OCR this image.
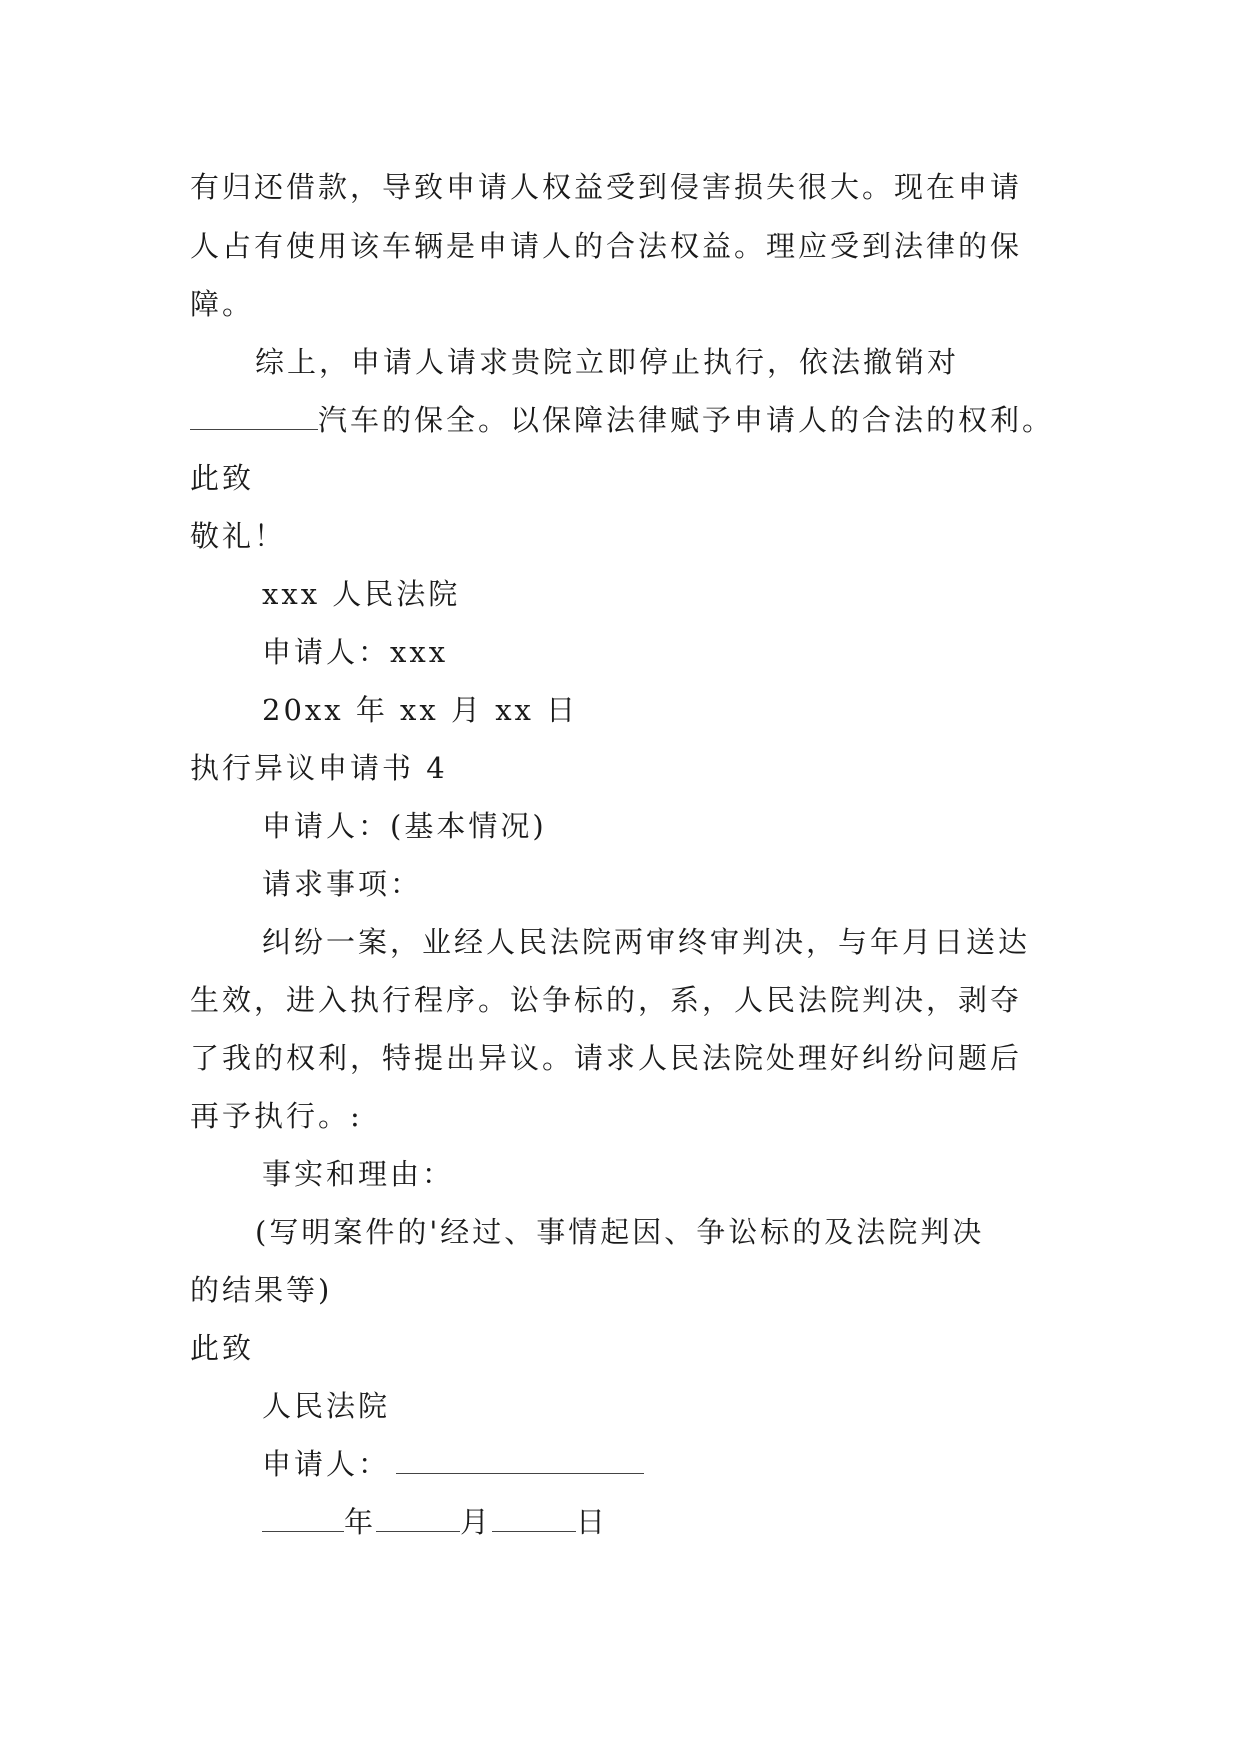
有归还借款，导致申请人权益受到侵害损失很大。现在申请
人占有使用该车辆是申请人的合法权益。理应受到法律的保
障。
综上，申请人请求贵院立即停止执行，依法撤销对
汽车的保全。以保障法律赋予申请人的合法的权利。
此致
敬礼！
xxx 人民法院
申请人：xxx
20xx 年 xx 月 xx 日
执行异议申请书 4
申请人：(基本情况)
请求事项：
纠纷一案，业经人民法院两审终审判决，与年月日送达
生效，进入执行程序。讼争标的，系，人民法院判决，剥夺
了我的权利，特提出异议。请求人民法院处理好纠纷问题后
再予执行。:
事实和理由：
(写明案件的'经过、事情起因、争讼标的及法院判决
的结果等)
此致
人民法院
申请人：
年	月	日
